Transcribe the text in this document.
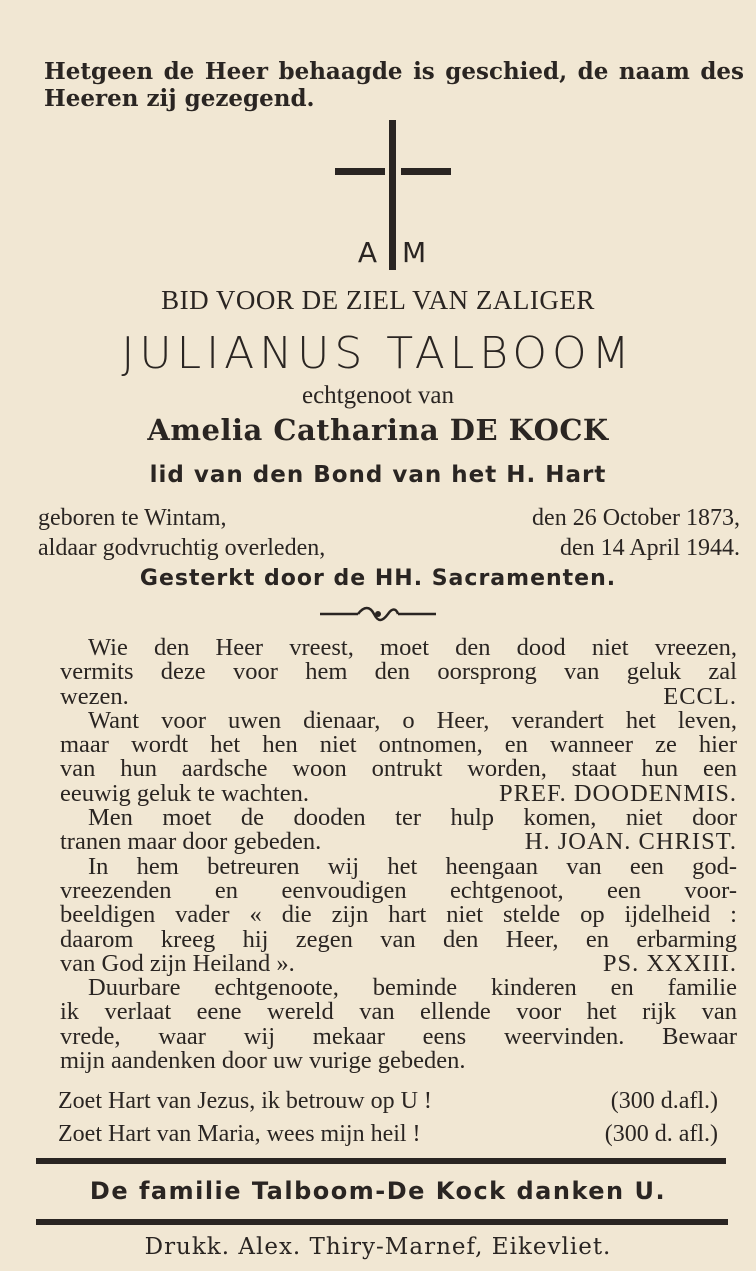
Hetgeen de Heer behaagde is geschied, de naam des Heeren zij gezegend.
A M
BID VOOR DE ZIEL VAN ZALIGER
JULIANUS TALBOOM
echtgenoot van
Amelia Catharina DE KOCK
lid van den Bond van het H. Hart
geboren te Wintam,	den 26 October 1873,
aldaar godvruchtig overleden,	den 14 April 1944.
Gesterkt door de HH. Sacramenten.
Wie den Heer vreest, moet den dood niet vreezen,
vermits deze voor hem den oorsprong van geluk zal
wezen.	ECCL.
Want voor uwen dienaar, o Heer, verandert het leven,
maar wordt het hen niet ontnomen, en wanneer ze hier
van hun aardsche woon ontrukt worden, staat hun een
eeuwig geluk te wachten.	PREF. DOODENMIS.
Men moet de dooden ter hulp komen, niet door
tranen maar door gebeden.	H. JOAN. CHRIST.
In hem betreuren wij het heengaan van een god-
vreezenden en eenvoudigen echtgenoot, een voor-
beeldigen vader « die zijn hart niet stelde op ijdelheid :
daarom kreeg hij zegen van den Heer, en erbarming
van God zijn Heiland ».	PS. XXXIII.
Duurbare echtgenoote, beminde kinderen en familie
ik verlaat eene wereld van ellende voor het rijk van
vrede, waar wij mekaar eens weervinden. Bewaar
mijn aandenken door uw vurige gebeden.
Zoet Hart van Jezus, ik betrouw op U !	(300 d.afl.)
Zoet Hart van Maria, wees mijn heil !	(300 d. afl.)
De familie Talboom-De Kock danken U.
Drukk. Alex. Thiry-Marnef, Eikevliet.
